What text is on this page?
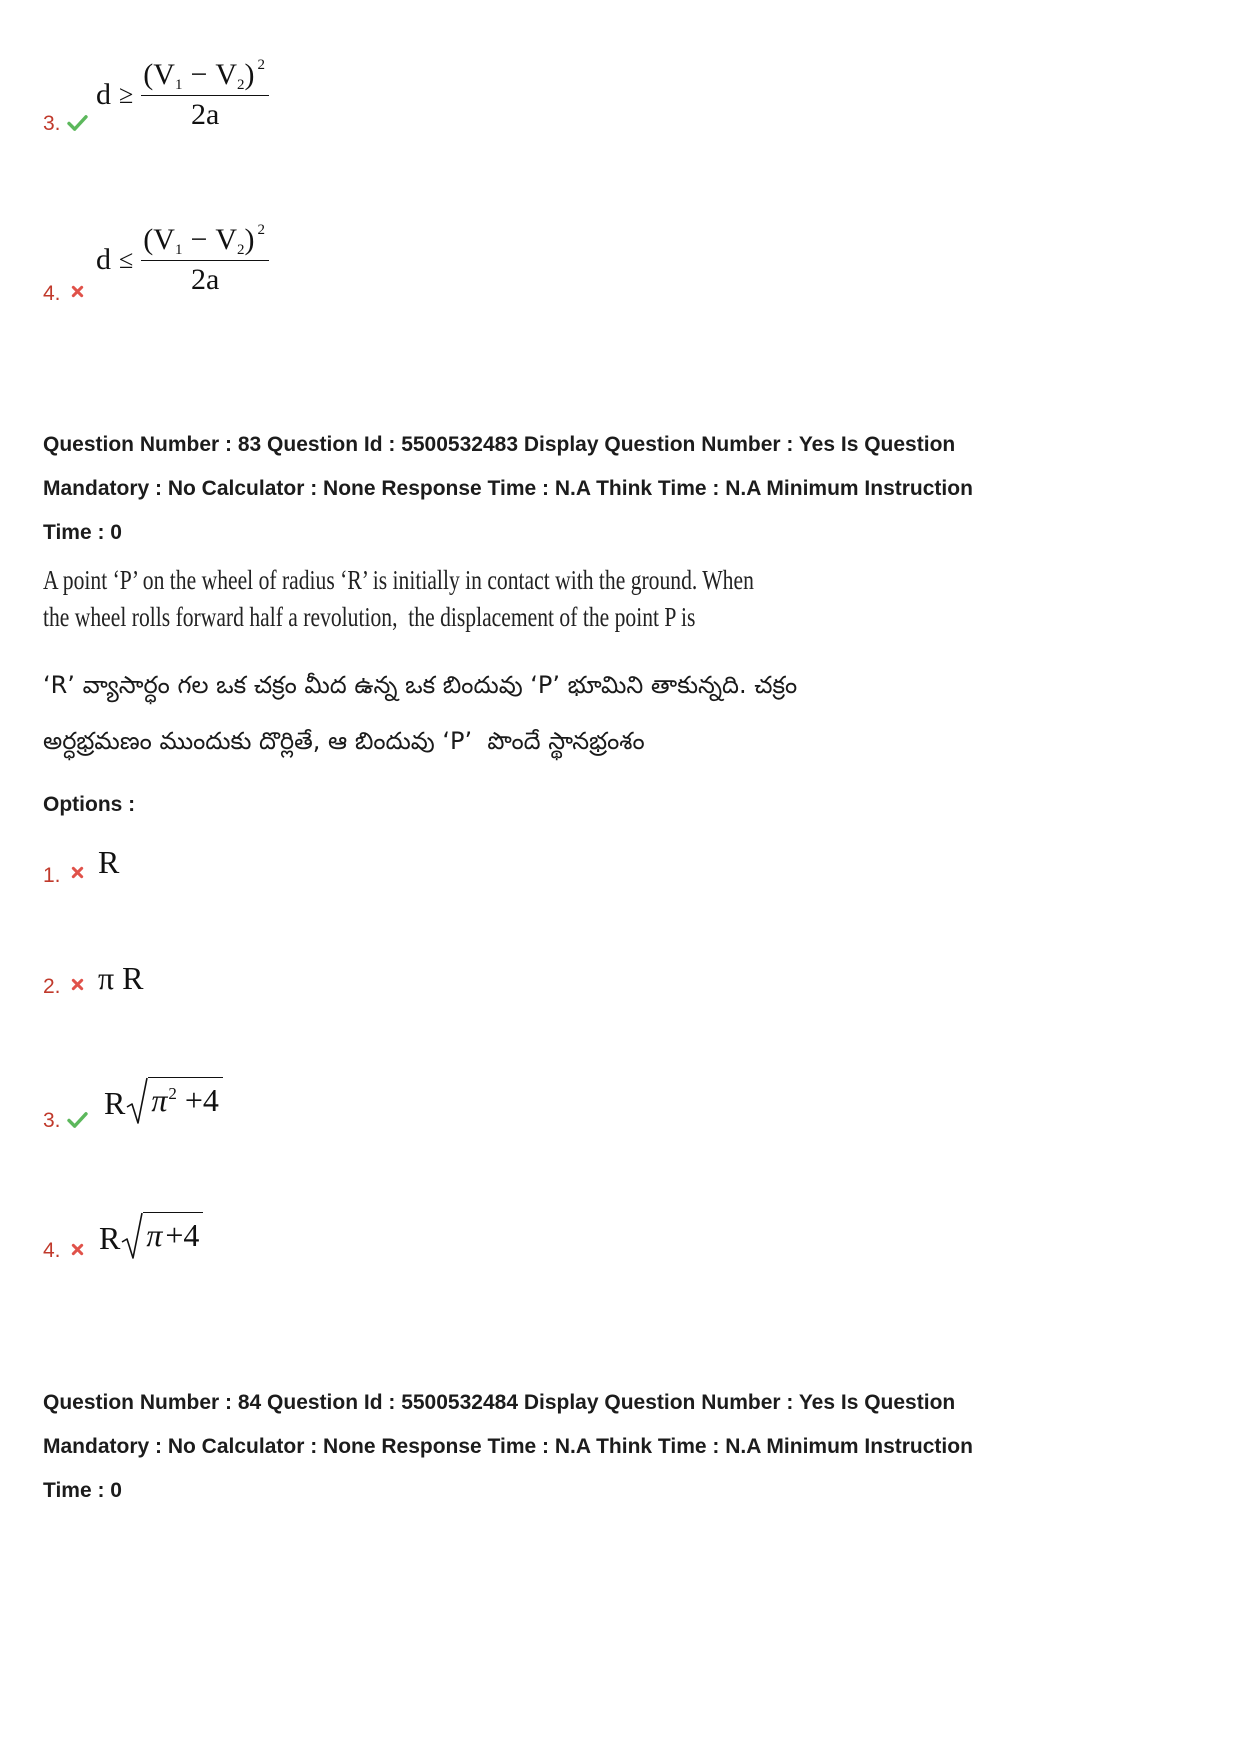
3.
$d \ge \frac{(V_1 - V_2) ^2}{2a}$
4.
$d \le \frac{(V_1 - V_2) ^2}{2a}$
Question Number : 83 Question Id : 5500532483 Display Question Number : Yes Is Question
Mandatory : No Calculator : None Response Time : N.A Think Time : N.A Minimum Instruction
Time : 0
A point ‘P’ on the wheel of radius ‘R’ is initially in contact with the ground. When
the wheel rolls forward half a revolution,  the displacement of the point P is
‘R’ వ్యాసార్ధం గల ఒక చక్రం మీద ఉన్న ఒక బిందువు ‘P’ భూమిని తాకున్నది. చక్రం
అర్ధభ్రమణం ముందుకు దొర్లితే, ఆ బిందువు ‘P’  పొందే స్థానభ్రంశం
Options :
1. R
2. π R
3. R $\pi^2 +4$
4. R π+4
Question Number : 84 Question Id : 5500532484 Display Question Number : Yes Is Question
Mandatory : No Calculator : None Response Time : N.A Think Time : N.A Minimum Instruction
Time : 0
